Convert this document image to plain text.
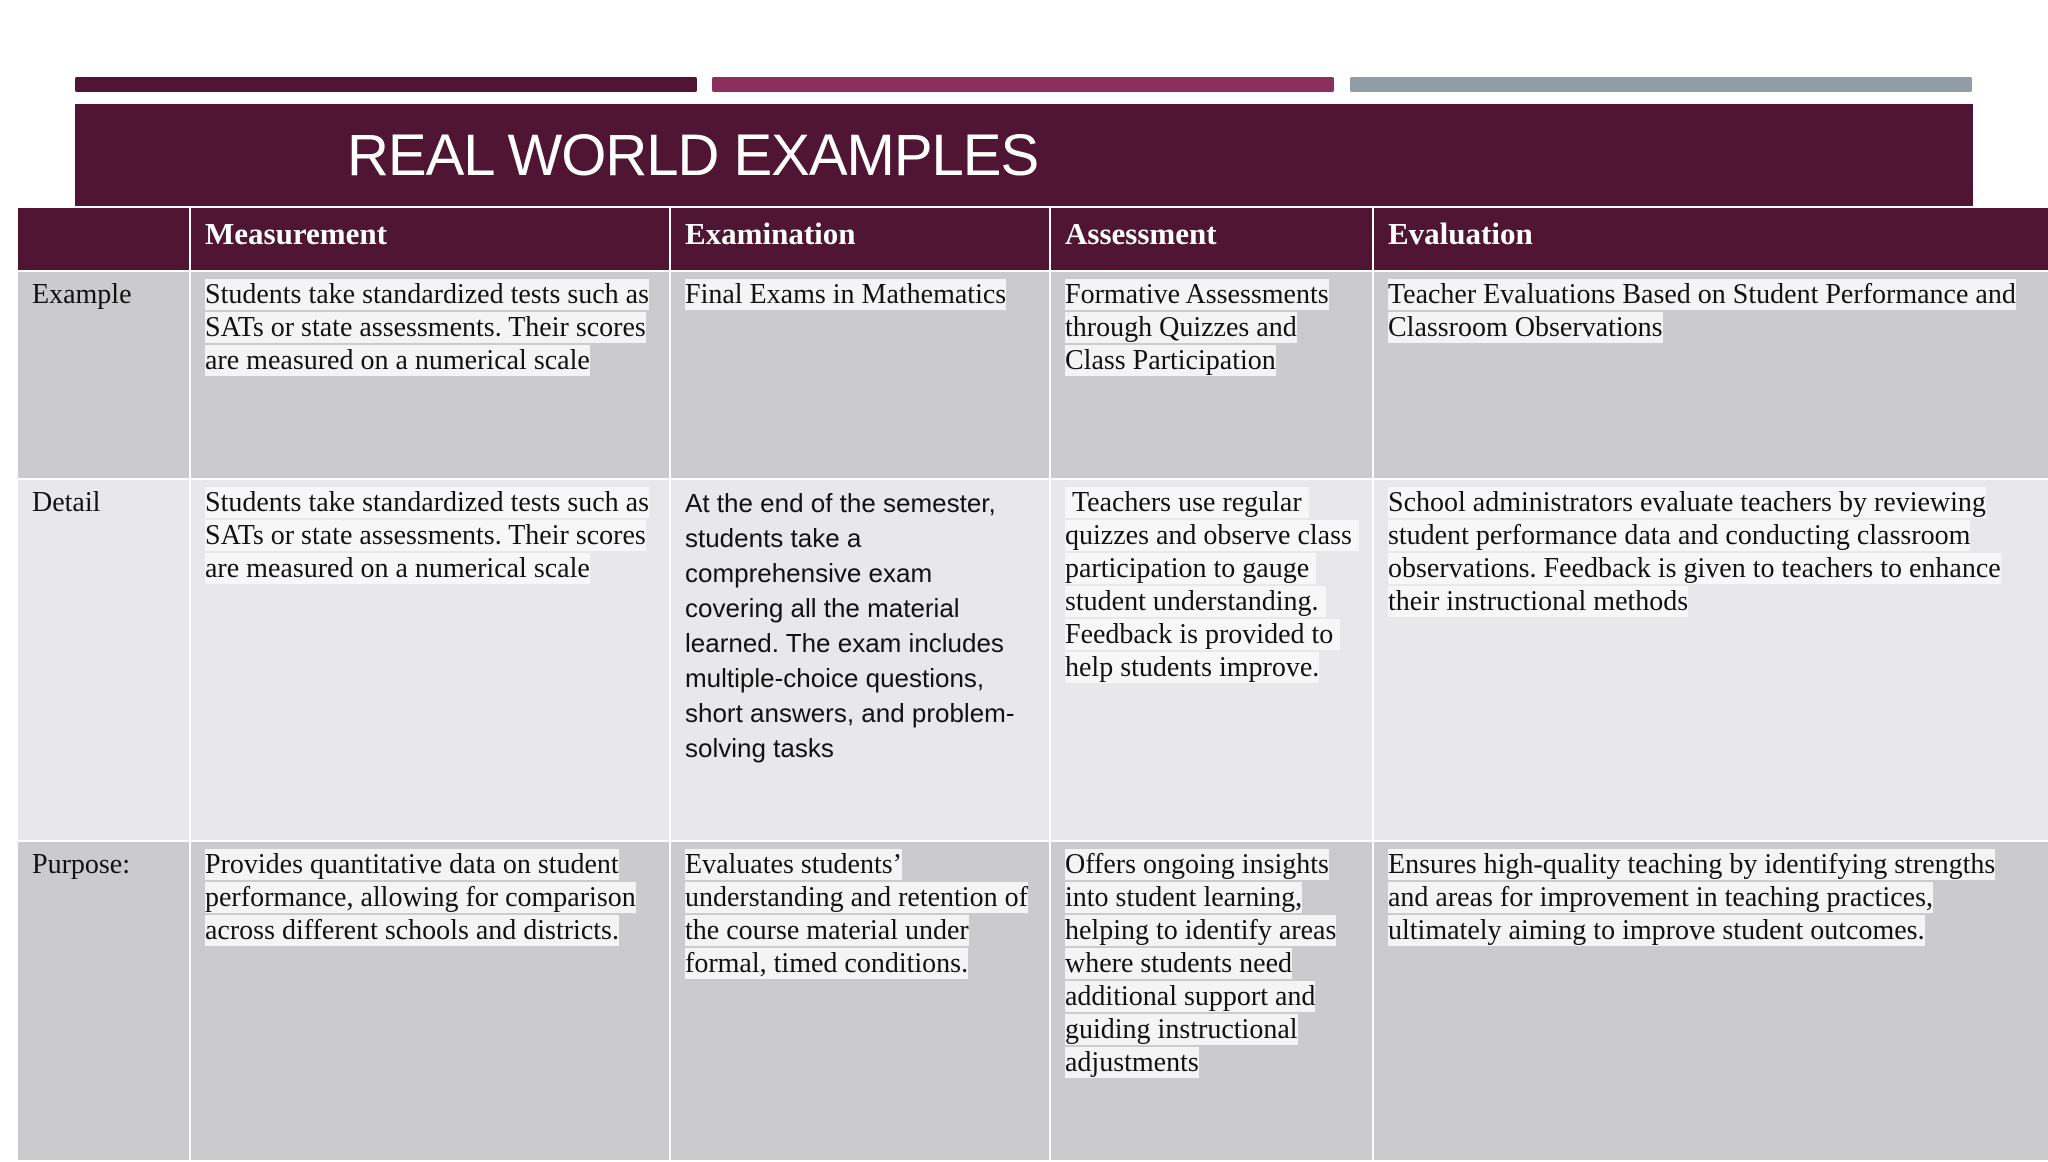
REAL WORLD EXAMPLES
	Measurement	Examination	Assessment	Evaluation
Example	Students take standardized tests such as SATs or state assessments. Their scores are measured on a numerical scale	Final Exams in Mathematics	Formative Assessments through Quizzes and Class Participation	Teacher Evaluations Based on Student Performance and Classroom Observations
Detail	Students take standardized tests such as SATs or state assessments. Their scores are measured on a numerical scale	At the end of the semester, students take a comprehensive exam covering all the material learned. The exam includes multiple-choice questions, short answers, and problem-solving tasks	Teachers use regular quizzes and observe class participation to gauge student understanding. Feedback is provided to help students improve.	School administrators evaluate teachers by reviewing student performance data and conducting classroom observations. Feedback is given to teachers to enhance their instructional methods
Purpose:	Provides quantitative data on student performance, allowing for comparison across different schools and districts.	Evaluates students’ understanding and retention of the course material under formal, timed conditions.	Offers ongoing insights into student learning, helping to identify areas where students need additional support and guiding instructional adjustments	Ensures high-quality teaching by identifying strengths and areas for improvement in teaching practices, ultimately aiming to improve student outcomes.
